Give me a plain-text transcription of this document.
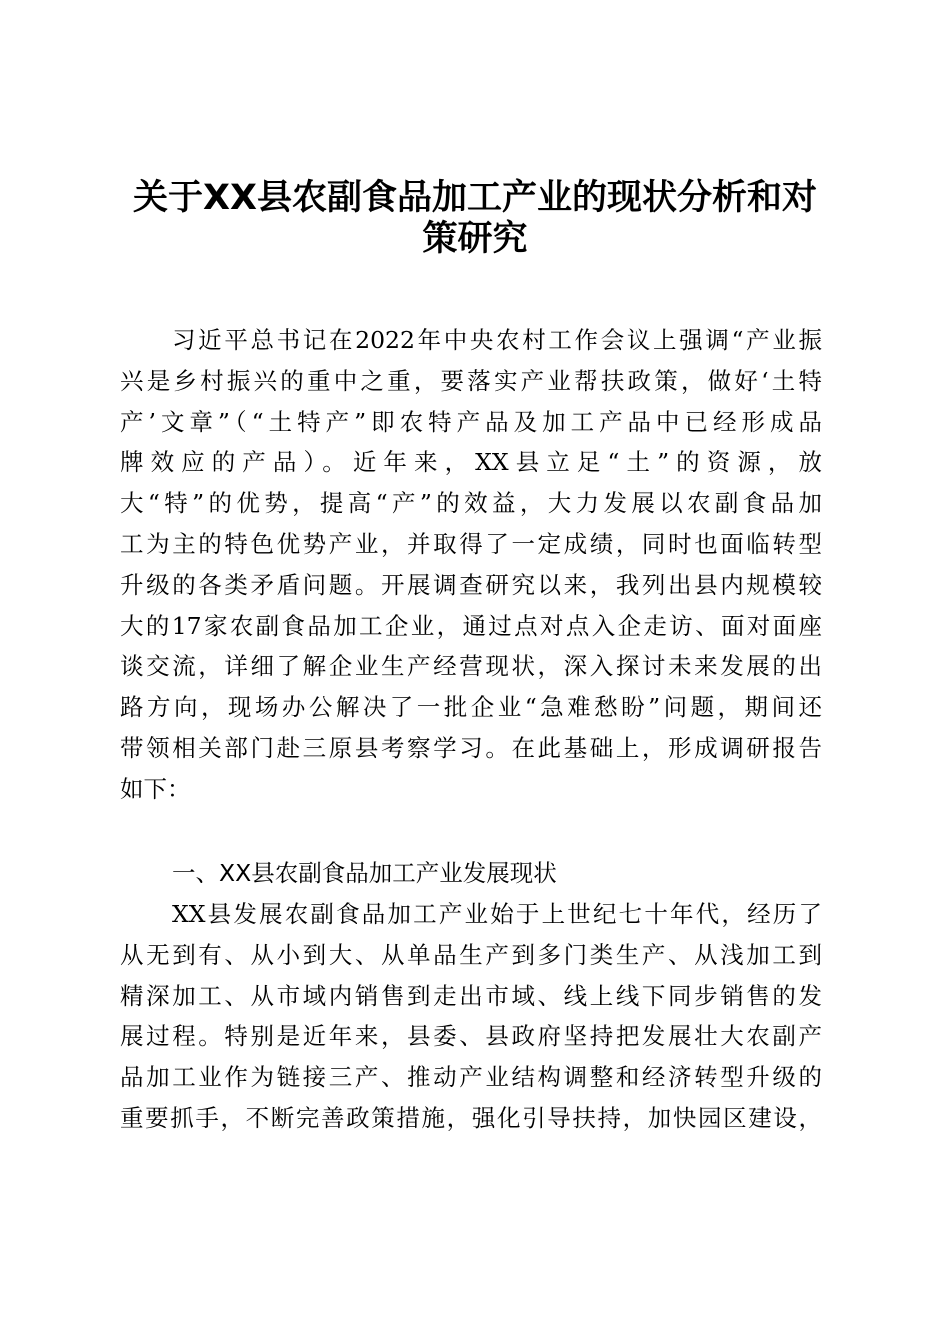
关于XX县农副食品加工产业的现状分析和对
策研究
习近平总书记在2022年中央农村工作会议上强调“产业振
兴是乡村振兴的重中之重，要落实产业帮扶政策，做好‘土特
产’文章”（“土特产”即农特产品及加工产品中已经形成品
牌效应的产品）。近年来，XX县立足“土”的资源，放
大“特”的优势，提高“产”的效益，大力发展以农副食品加
工为主的特色优势产业，并取得了一定成绩，同时也面临转型
升级的各类矛盾问题。开展调查研究以来，我列出县内规模较
大的17家农副食品加工企业，通过点对点入企走访、面对面座
谈交流，详细了解企业生产经营现状，深入探讨未来发展的出
路方向，现场办公解决了一批企业“急难愁盼”问题，期间还
带领相关部门赴三原县考察学习。在此基础上，形成调研报告
如下：
一、XX县农副食品加工产业发展现状
XX县发展农副食品加工产业始于上世纪七十年代，经历了
从无到有、从小到大、从单品生产到多门类生产、从浅加工到
精深加工、从市域内销售到走出市域、线上线下同步销售的发
展过程。特别是近年来，县委、县政府坚持把发展壮大农副产
品加工业作为链接三产、推动产业结构调整和经济转型升级的
重要抓手，不断完善政策措施，强化引导扶持，加快园区建设，
